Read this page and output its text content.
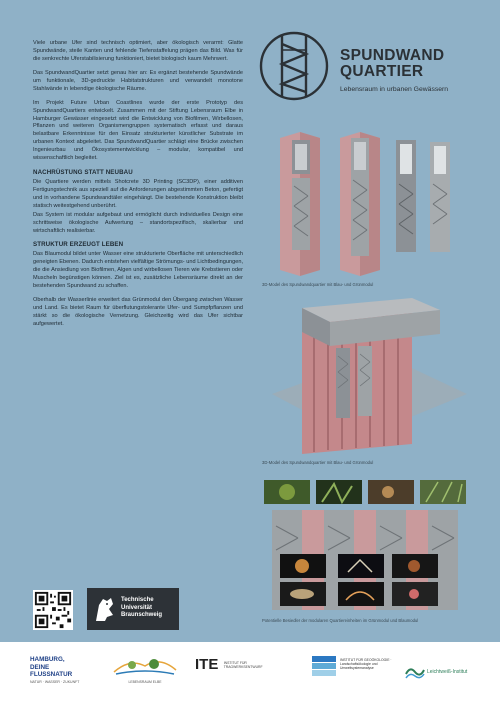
Viele urbane Ufer sind technisch optimiert, aber ökologisch verarmt: Glatte Spundwände, steile Kanten und fehlende Tiefenstaffelung prägen das Bild. Was für die senkrechte Uferstabilisierung funktioniert, bietet biologisch kaum Mehrwert.

Das SpundwandQuartier setzt genau hier an: Es ergänzt bestehende Spundwände um funktionale, 3D-gedruckte Habitatstrukturen und verwandelt monotone Stahlwände in lebendige ökologische Räume.

Im Projekt Future Urban Coastlines wurde der erste Prototyp des SpundwandQuartiers entwickelt. Zusammen mit der Stiftung Lebensraum Elbe in Hamburger Gewässer eingesetzt wird die Entwicklung von Biofilmen, Wirbellosen, Pflanzen und weiteren Organismengruppen systematisch erfasst und daraus belastbare Erkenntnisse für den Einsatz strukturierter künstlicher Substrate im urbanen Kontext abgeleitet. Das SpundwandQuartier schlägt eine Brücke zwischen Ingenieurbau und Ökosystementwicklung – modular, kompatibel und wissenschaftlich begleitet.

NACHRÜSTUNG STATT NEUBAU

Die Quartiere werden mittels Shotcrete 3D Printing (SC3DP), einer additiven Fertigungstechnik aus speziell auf die Anforderungen abgestimmten Beton, gefertigt und in vorhandene Spundwandtäler eingehängt. Die bestehende Konstruktion bleibt statisch weitestgehend unberührt.

Das System ist modular aufgebaut und ermöglicht durch individuelles Design eine schrittweise ökologische Aufwertung – standortspezifisch, skalierbar und wirtschaftlich realisierbar.

STRUKTUR ERZEUGT LEBEN

Das Blaumodul bildet unter Wasser eine strukturierte Oberfläche mit unterschiedlich geneigten Ebenen. Dadurch entstehen vielfältige Strömungs- und Lichtbedingungen, die die Ansiedlung von Biofilmen, Algen und wirbellosen Tieren wie Krebstieren oder Muscheln begünstigen können. Ziel ist es, zusätzliche Lebensräume direkt an der bestehenden Spundwand zu schaffen.

Oberhalb der Wasserlinie erweitert das Grünmodul den Übergang zwischen Wasser und Land. Es bietet Raum für überflutungstolerante Ufer- und Sumpfpflanzen und stärkt so die ökologische Vernetzung. Gleichzeitig wird das Ufer sichtbar aufgewertet.

SPUNDWAND
QUARTIER
Lebensraum in urbanen Gewässern
3D-Model des Spundwandquartier mit Blau- und Grünmodul
3D-Model des Spundwandquartier mit Blau- und Grünmodul
Potentielle Besiedler der modularen Quartiereinheiten im Grünmodul und Blaumodul
Technische
Universität
Braunschweig
HAMBURG,
DEINE
FLUSSNATUR
NATUR · WASSER · ZUKUNFT	LEBENSRAUM ELBE
ITE INSTITUT FÜR TRAGWERKSENTWURF
INSTITUT FÜR GEOÖKOLOGIE · Landschaftsökologie und Umweltsystemanalyse
Leichtweiß-Institut
